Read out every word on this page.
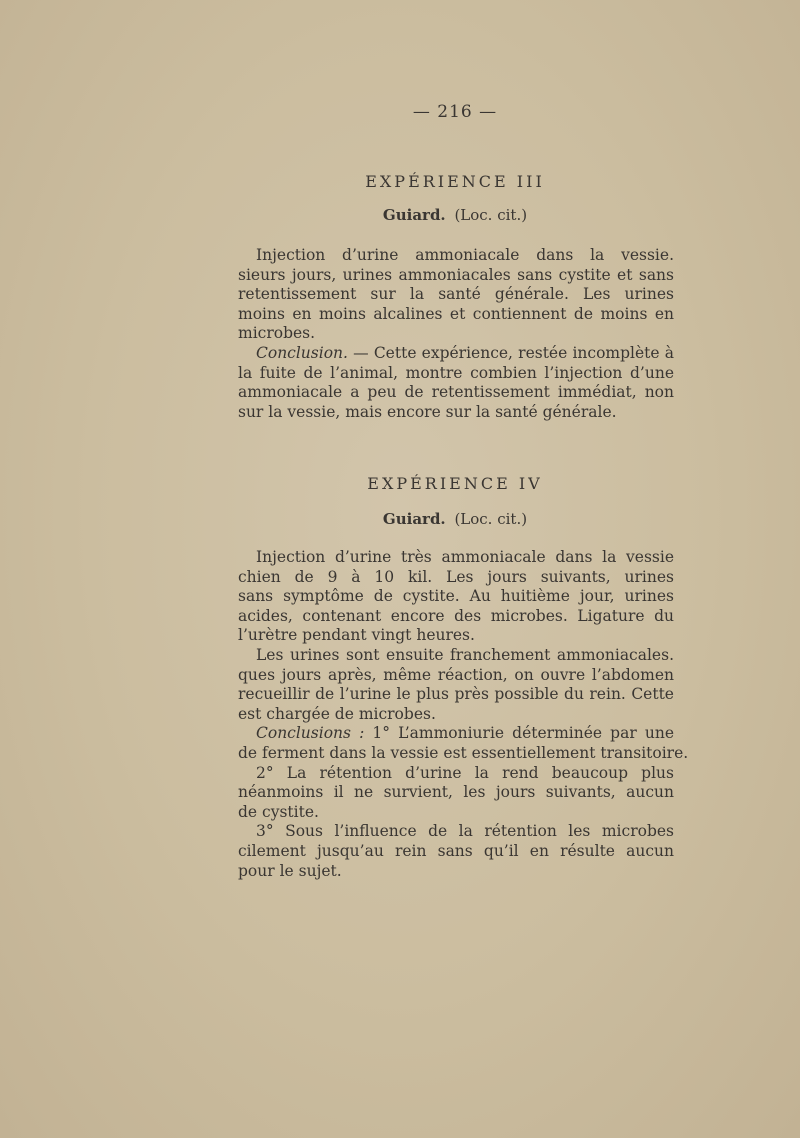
— 216 —
EXPÉRIENCE III
Guiard. (Loc. cit.)
Injection d’urine ammoniacale dans la vessie.
sieurs jours, urines ammoniacales sans cystite et sans
retentissement sur la santé générale. Les urines
moins en moins alcalines et contiennent de moins en
microbes.
Conclusion. — Cette expérience, restée incomplète à
la fuite de l’animal, montre combien l’injection d’une
ammoniacale a peu de retentissement immédiat, non
sur la vessie, mais encore sur la santé générale.
EXPÉRIENCE IV
Guiard. (Loc. cit.)
Injection d’urine très ammoniacale dans la vessie
chien de 9 à 10 kil. Les jours suivants, urines
sans symptôme de cystite. Au huitième jour, urines
acides, contenant encore des microbes. Ligature du
l’urètre pendant vingt heures.
Les urines sont ensuite franchement ammoniacales.
ques jours après, même réaction, on ouvre l’abdomen
recueillir de l’urine le plus près possible du rein. Cette
est chargée de microbes.
Conclusions : 1° L’ammoniurie déterminée par une
de ferment dans la vessie est essentiellement transitoire.
2° La rétention d’urine la rend beaucoup plus
néanmoins il ne survient, les jours suivants, aucun
de cystite.
3° Sous l’influence de la rétention les microbes
cilement jusqu’au rein sans qu’il en résulte aucun
pour le sujet.
